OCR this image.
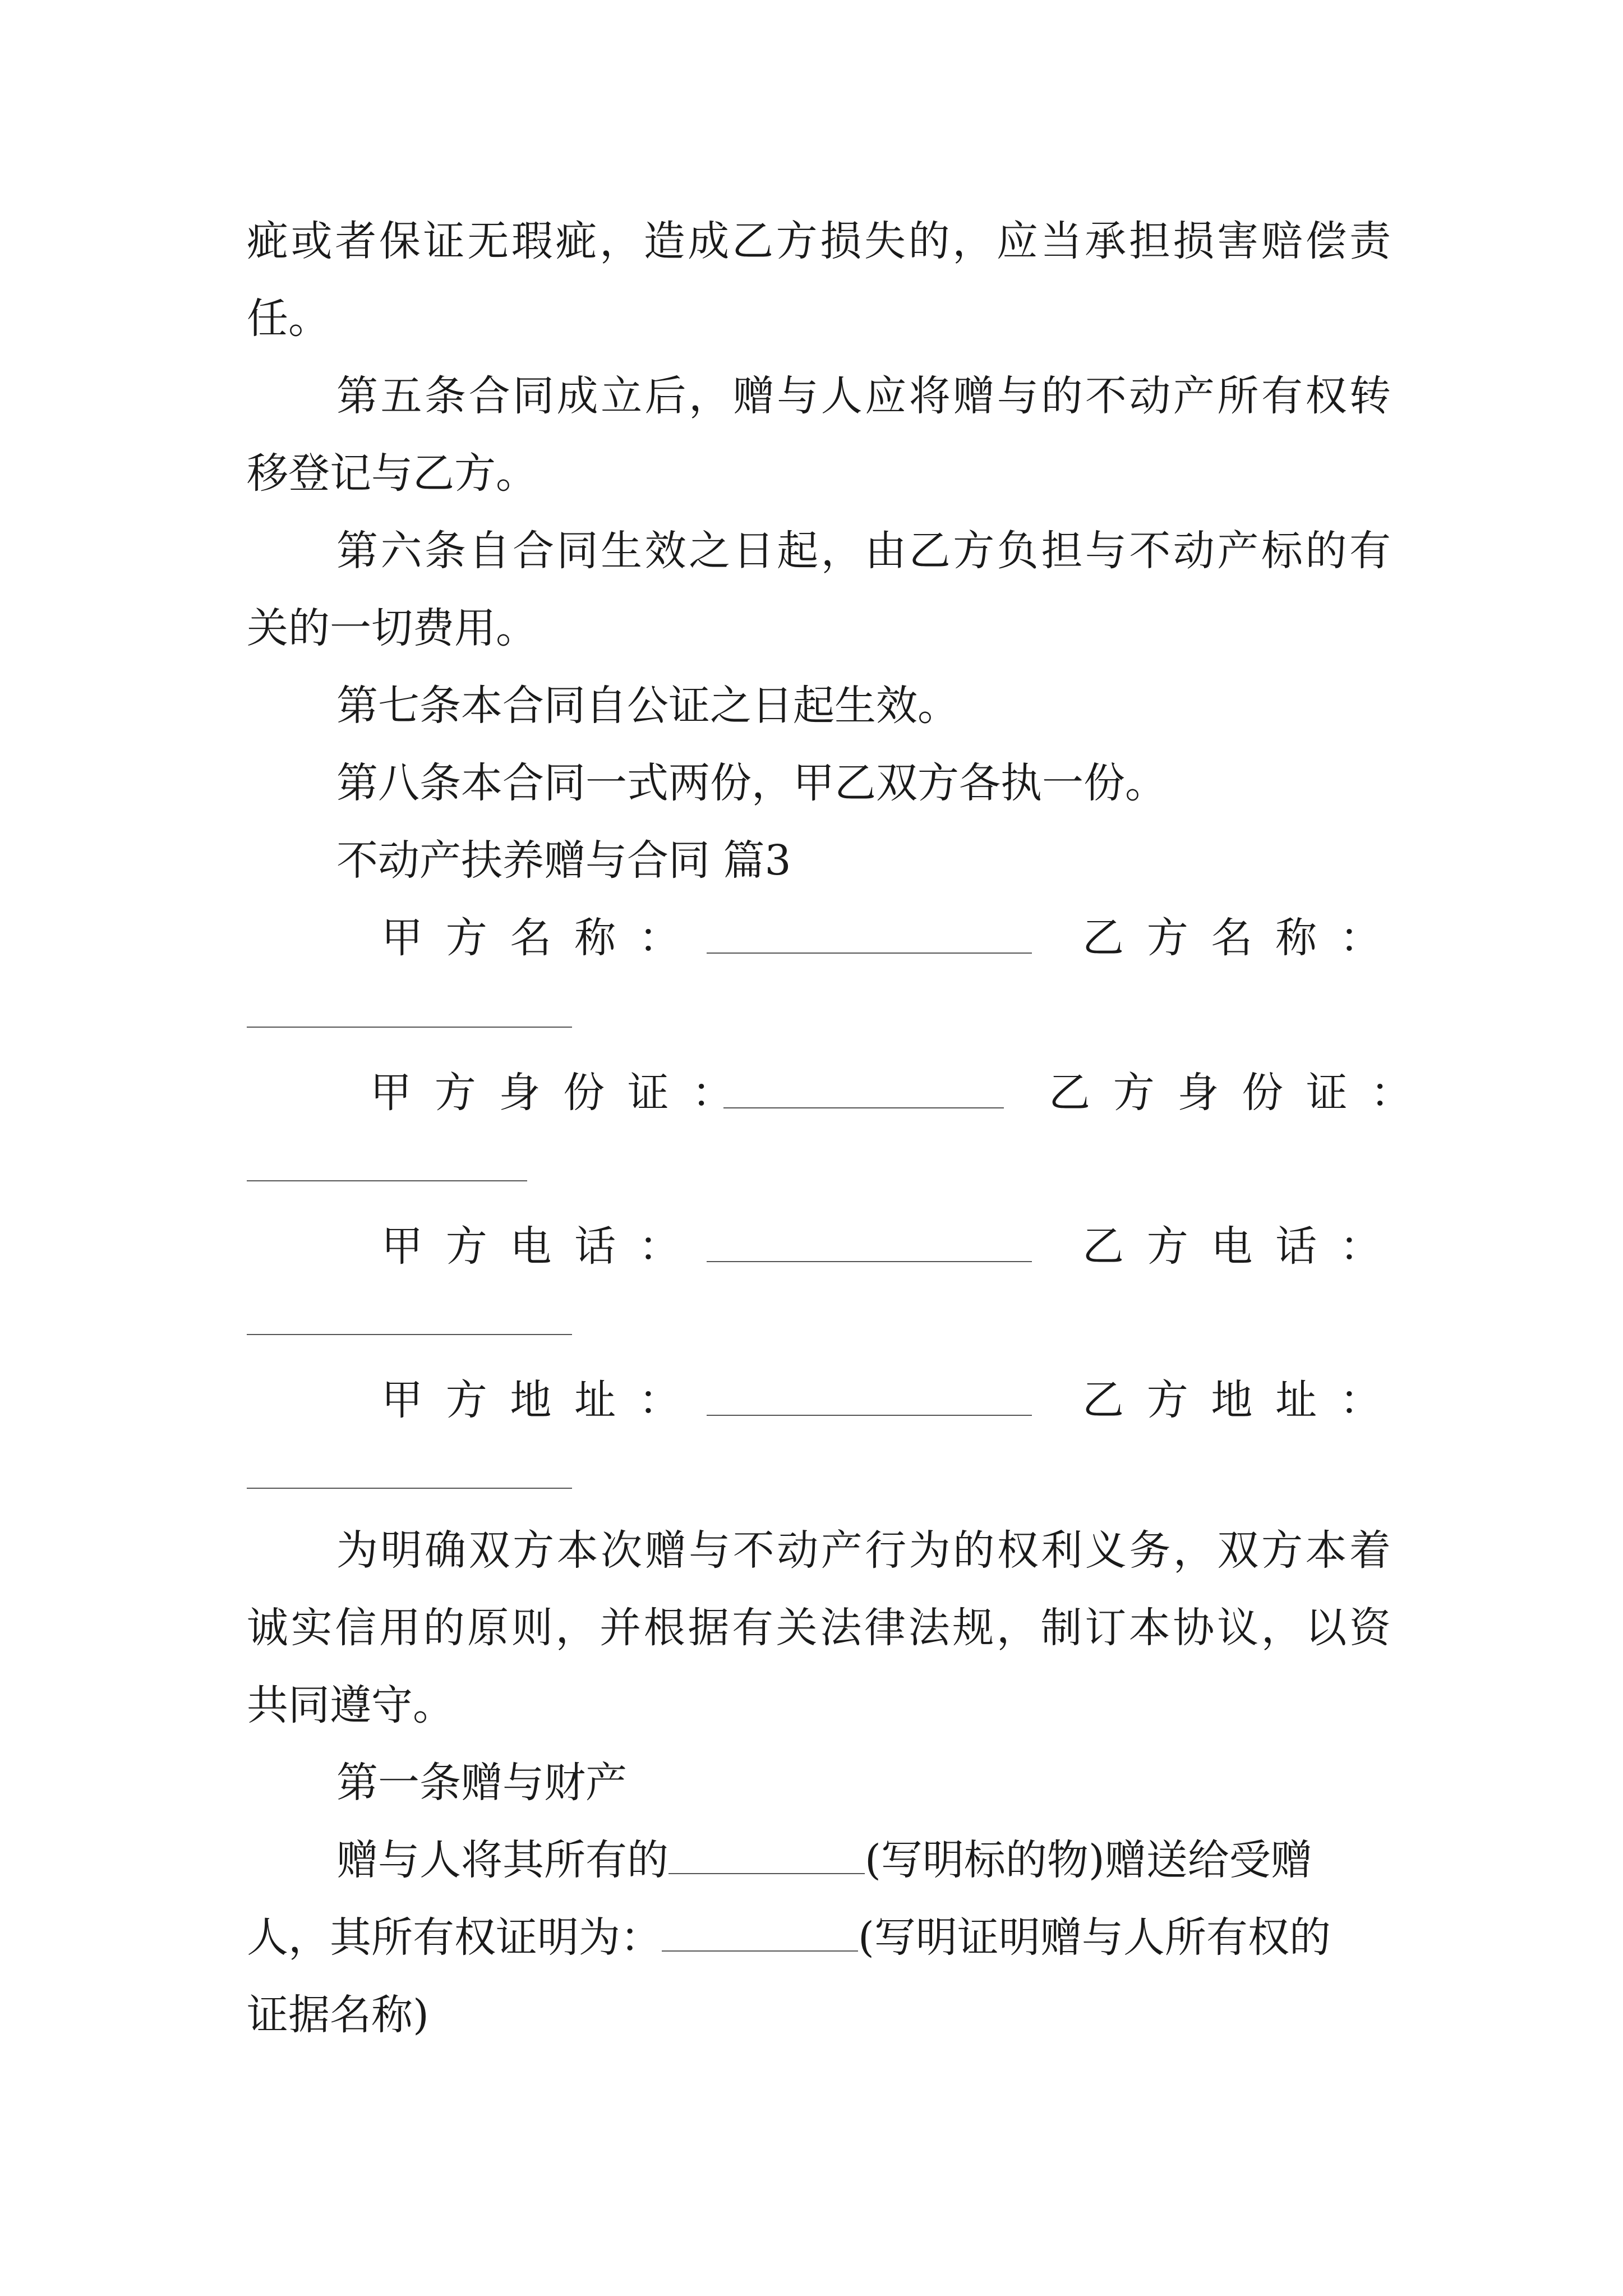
疵或者保证无瑕疵，造成乙方损失的，应当承担损害赔偿责

任。

第五条合同成立后，赠与人应将赠与的不动产所有权转

移登记与乙方。

第六条自合同生效之日起，由乙方负担与不动产标的有

关的一切费用。

第七条本合同自公证之日起生效。

第八条本合同一式两份，甲乙双方各执一份。

不动产扶养赠与合同 篇3

甲方名称：	乙方名称：
甲方身份证：	乙方身份证：
甲方电话：	乙方电话：
甲方地址：	乙方地址：

为明确双方本次赠与不动产行为的权利义务，双方本着

诚实信用的原则，并根据有关法律法规，制订本协议，以资

共同遵守。

第一条赠与财产

赠与人将其所有的	(写明标的物)赠送给受赠

人，其所有权证明为：	(写明证明赠与人所有权的

证据名称)
